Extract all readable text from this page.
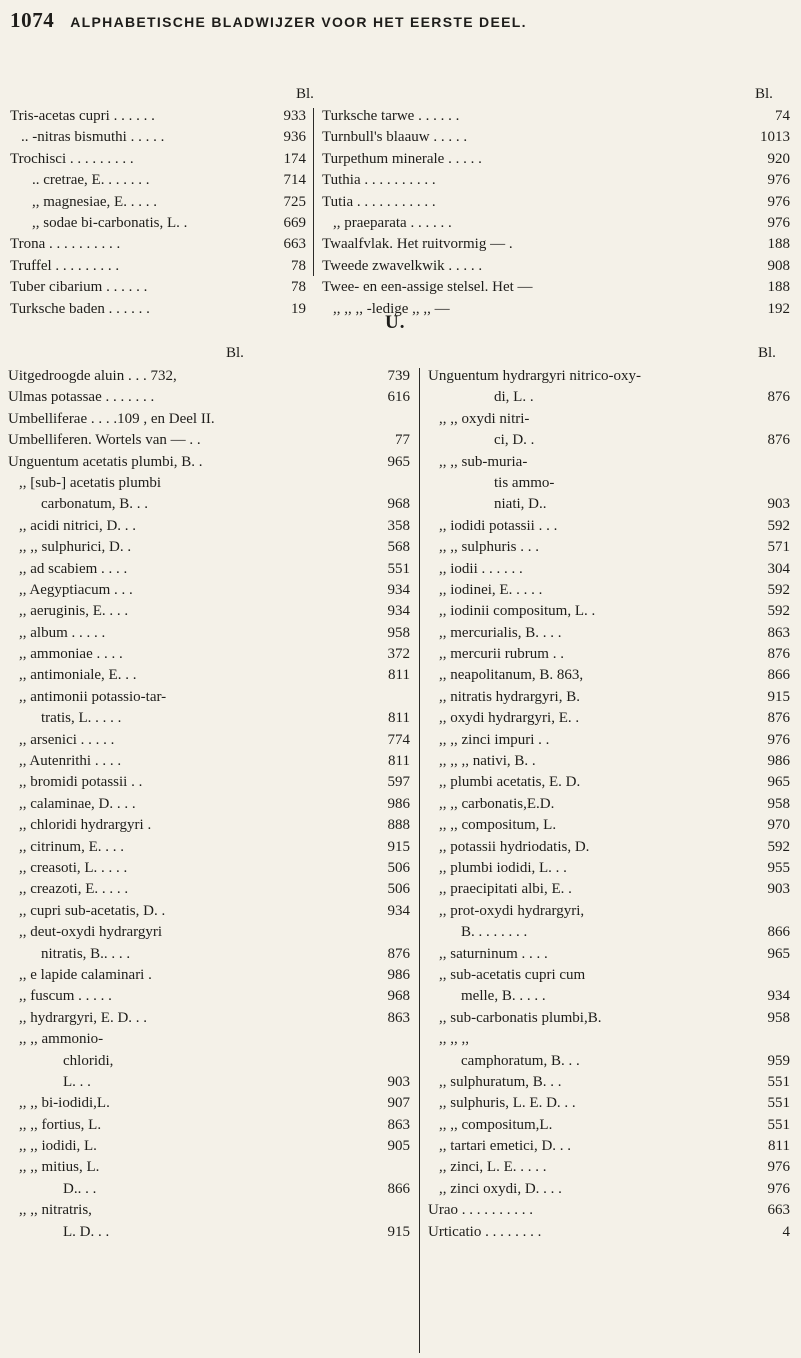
1074 ALPHABETISCHE BLADWIJZER VOOR HET EERSTE DEEL.
Bl.	Bl.
Tris-acetas cupri . . . . . .	933
.. -nitras bismuthi . . . . .	936
Trochisci . . . . . . . . .	174
.. cretrae, E. . . . . . .	714
,, magnesiae, E. . . . .	725
,, sodae bi-carbonatis, L. .	669
Trona . . . . . . . . . .	663
Truffel . . . . . . . . .	78
Tuber cibarium . . . . . .	78
Turksche baden . . . . . .	19
Turksche tarwe . . . . . .	74
Turnbull's blaauw . . . . .	1013
Turpethum minerale . . . . .	920
Tuthia . . . . . . . . . .	976
Tutia . . . . . . . . . . .	976
,, praeparata . . . . . .	976
Twaalfvlak. Het ruitvormig — .	188
Tweede zwavelkwik . . . . .	908
Twee- en een-assige stelsel. Het —	188
,, ,, ,, -ledige ,, ,, —	192
U.
Bl.	Bl.
Uitgedroogde aluin . . . 732,	739
Ulmas potassae . . . . . . .	616
Umbelliferae . . . .109 , en Deel II.
Umbelliferen. Wortels van — . .	77
Unguentum acetatis plumbi, B. .	965
,, [sub-] acetatis plumbi
carbonatum, B. . .	968
,, acidi nitrici, D. . .	358
,, ,, sulphurici, D. .	568
,, ad scabiem . . . .	551
,, Aegyptiacum . . .	934
,, aeruginis, E. . . .	934
,, album . . . . .	958
,, ammoniae . . . .	372
,, antimoniale, E. . .	811
,, antimonii potassio-tar-
tratis, L. . . . .	811
,, arsenici . . . . .	774
,, Autenrithi . . . .	811
,, bromidi potassii . .	597
,, calaminae, D. . . .	986
,, chloridi hydrargyri .	888
,, citrinum, E. . . .	915
,, creasoti, L. . . . .	506
,, creazoti, E. . . . .	506
,, cupri sub-acetatis, D. .	934
,, deut-oxydi hydrargyri
nitratis, B.. . . .	876
,, e lapide calaminari .	986
,, fuscum . . . . .	968
,, hydrargyri, E. D. . .	863
,, ,, ammonio-
chloridi,
L. . .	903
,, ,, bi-iodidi,L.	907
,, ,, fortius, L.	863
,, ,, iodidi, L.	905
,, ,, mitius, L.
D.. . .	866
,, ,, nitratris,
L. D. . .	915
Unguentum hydrargyri nitrico-oxy-
di, L. .	876
,, ,, oxydi nitri-
ci, D. .	876
,, ,, sub-muria-
tis ammo-
niati, D..	903
,, iodidi potassii . . .	592
,, ,, sulphuris . . .	571
,, iodii . . . . . .	304
,, iodinei, E. . . . .	592
,, iodinii compositum, L. .	592
,, mercurialis, B. . . .	863
,, mercurii rubrum . .	876
,, neapolitanum, B. 863,	866
,, nitratis hydrargyri, B.	915
,, oxydi hydrargyri, E. .	876
,, ,, zinci impuri . .	976
,, ,, ,, nativi, B. .	986
,, plumbi acetatis, E. D.	965
,, ,, carbonatis,E.D.	958
,, ,, compositum, L.	970
,, potassii hydriodatis, D.	592
,, plumbi iodidi, L. . .	955
,, praecipitati albi, E. .	903
,, prot-oxydi hydrargyri,
B. . . . . . . .	866
,, saturninum . . . .	965
,, sub-acetatis cupri cum
melle, B. . . . .	934
,, sub-carbonatis plumbi,B.	958
,, ,, ,,
camphoratum, B. . .	959
,, sulphuratum, B. . .	551
,, sulphuris, L. E. D. . .	551
,, ,, compositum,L.	551
,, tartari emetici, D. . .	811
,, zinci, L. E. . . . .	976
,, zinci oxydi, D. . . .	976
Urao . . . . . . . . . .	663
Urticatio . . . . . . . .	4
